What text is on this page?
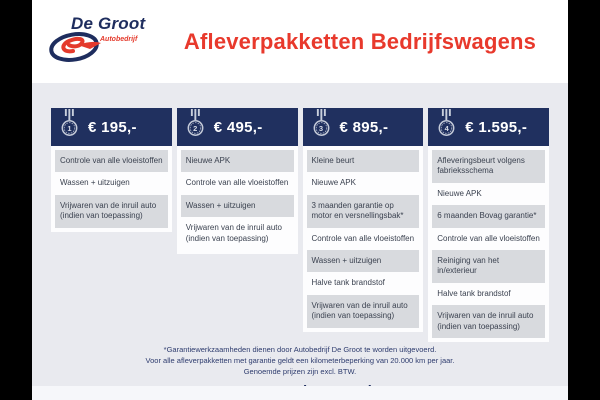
De Groot
Autobedrijf	Afleverpakketten Bedrijfswagens
1	€ 195,-
Controle van alle vloeistoffen
Wassen + uitzuigen
Vrijwaren van de inruil auto (indien van toepassing)
2	€ 495,-
Nieuwe APK
Controle van alle vloeistoffen
Wassen + uitzuigen
Vrijwaren van de inruil auto (indien van toepassing)
3	€ 895,-
Kleine beurt
Nieuwe APK
3 maanden garantie op motor en versnellingsbak*
Controle van alle vloeistoffen
Wassen + uitzuigen
Halve tank brandstof
Vrijwaren van de inruil auto (indien van toepassing)
4	€ 1.595,-
Afleveringsbeurt volgens fabrieksschema
Nieuwe APK
6 maanden Bovag garantie*
Controle van alle vloeistoffen
Reiniging van het in/exterieur
Halve tank brandstof
Vrijwaren van de inruil auto (indien van toepassing)
*Garantiewerkzaamheden dienen door Autobedrijf De Groot te worden uitgevoerd.
Voor alle afleverpakketten met garantie geldt een kilometerbeperking van 20.000 km per jaar.
Genoemde prijzen zijn excl. BTW.
